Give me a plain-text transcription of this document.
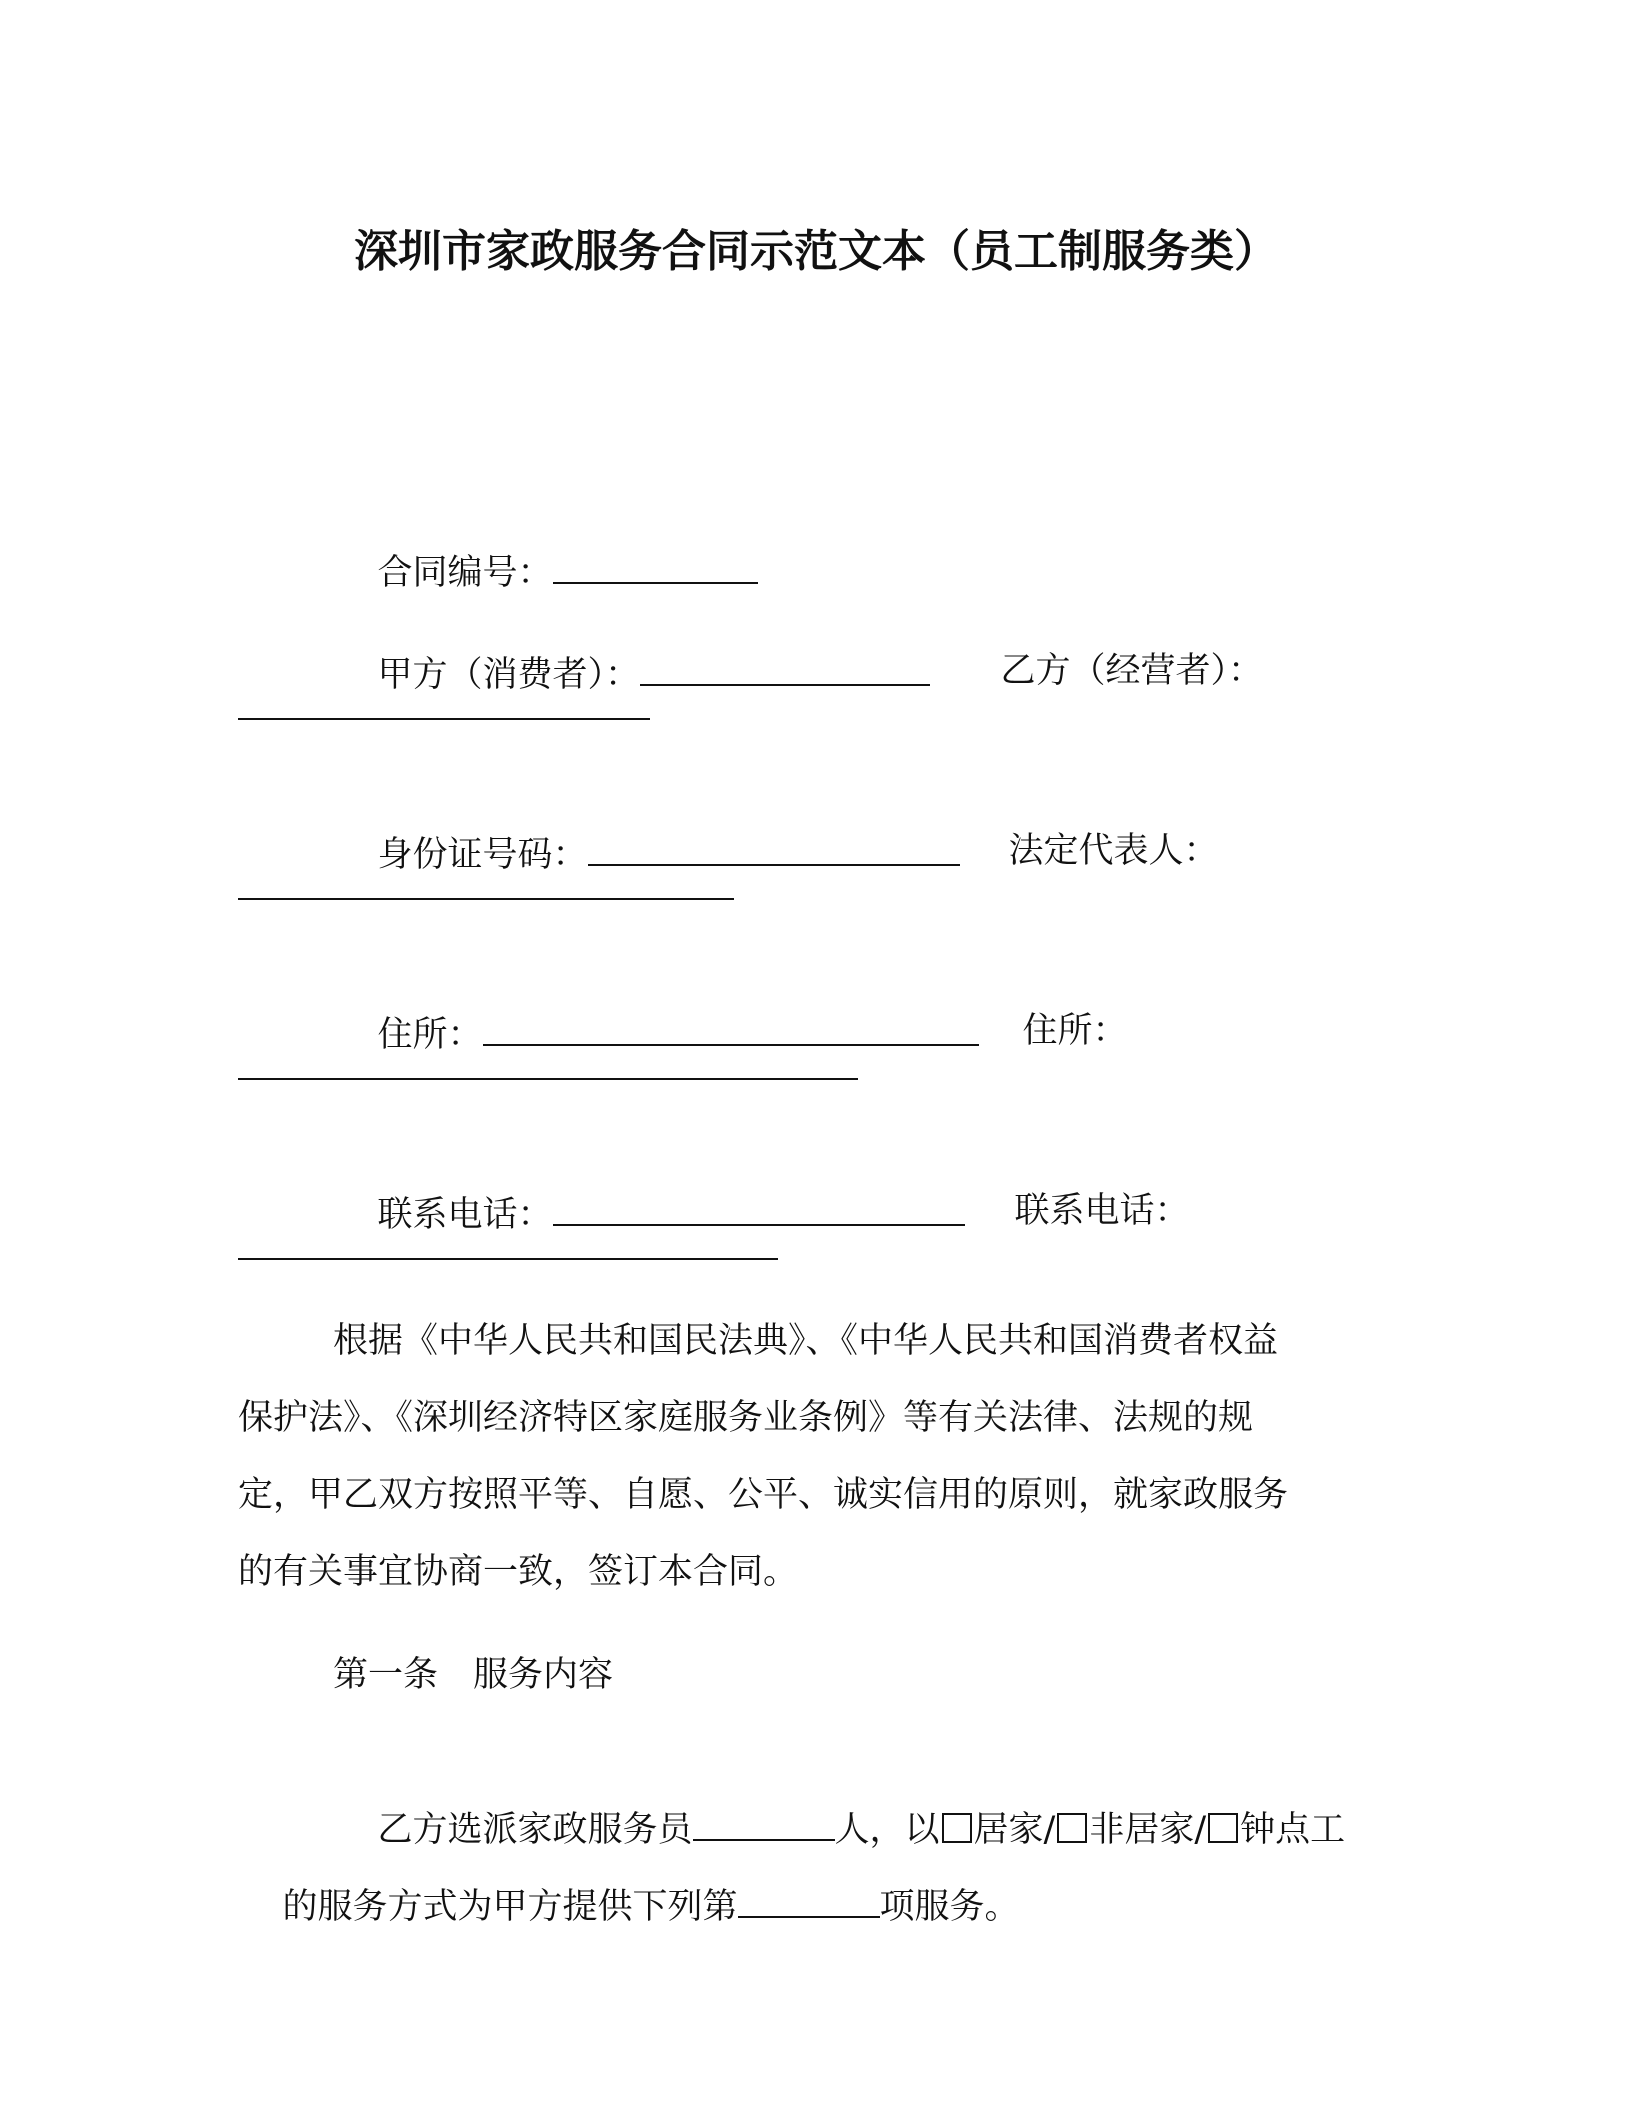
深圳市家政服务合同示范文本（员工制服务类）

合同编号：

甲方（消费者）：
	乙方（经营者）：

身份证号码：
	法定代表人：

住所：
	住所：

联系电话：
	联系电话：

根据《中华人民共和国民法典》、《中华人民共和国消费者权益
保护法》、《深圳经济特区家庭服务业条例》等有关法律、法规的规
定，甲乙双方按照平等、自愿、公平、诚实信用的原则，就家政服务
的有关事宜协商一致，签订本合同。
第一条　服务内容

乙方选派家政服务员	人，以 居家/ 非居家/ 钟点工

的服务方式为甲方提供下列第	项服务。
